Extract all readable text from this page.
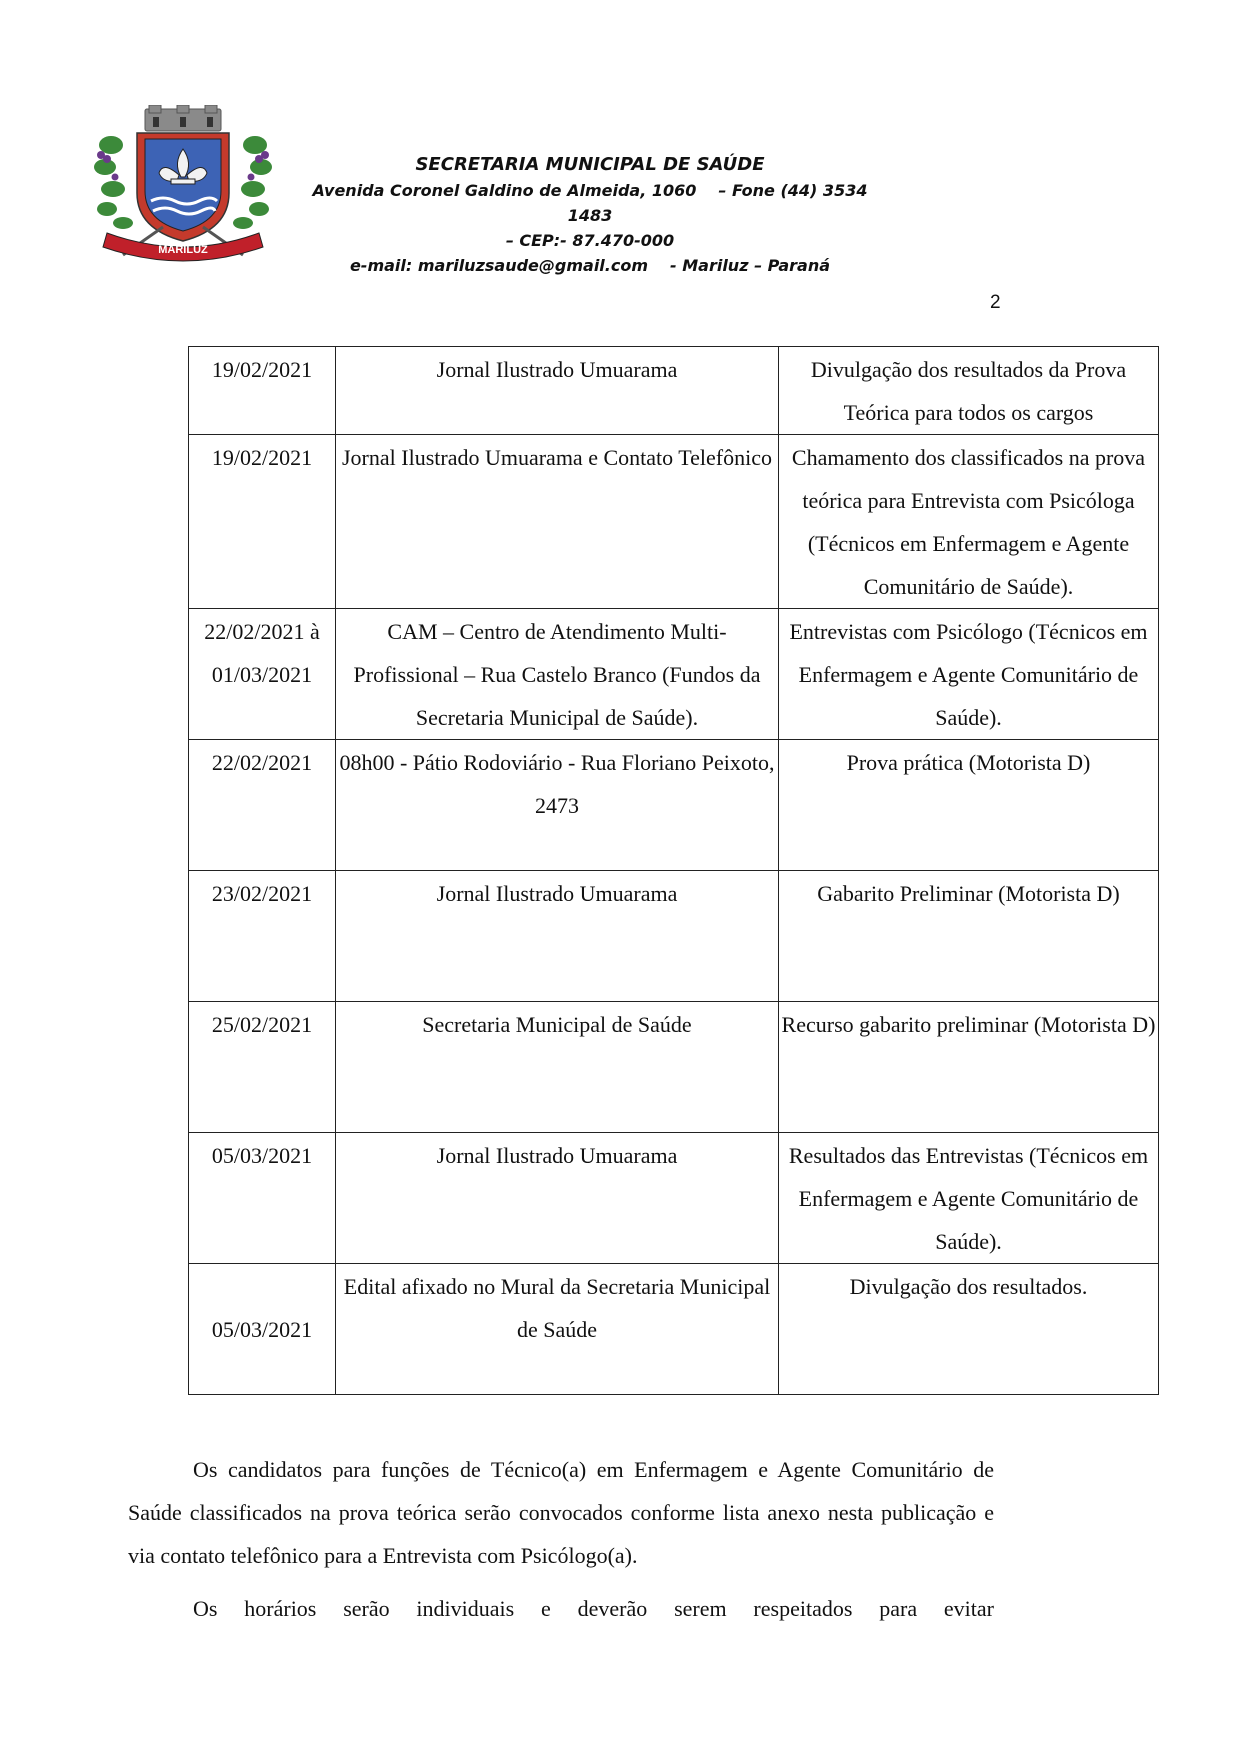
MARILUZ
SECRETARIA MUNICIPAL DE SAÚDE
Avenida Coronel Galdino de Almeida, 1060 – Fone (44) 3534 1483
– CEP:- 87.470-000
e-mail: mariluzsaude@gmail.com - Mariluz – Paraná
2
19/02/2021	Jornal Ilustrado Umuarama	Divulgação dos resultados da Prova Teórica para todos os cargos
19/02/2021	Jornal Ilustrado Umuarama e Contato Telefônico	Chamamento dos classificados na prova teórica para Entrevista com Psicóloga (Técnicos em Enfermagem e Agente Comunitário de Saúde).
22/02/2021 à 01/03/2021	CAM – Centro de Atendimento Multi-Profissional – Rua Castelo Branco (Fundos da Secretaria Municipal de Saúde).	Entrevistas com Psicólogo (Técnicos em Enfermagem e Agente Comunitário de Saúde).
22/02/2021	08h00 - Pátio Rodoviário - Rua Floriano Peixoto, 2473	Prova prática (Motorista D)
23/02/2021	Jornal Ilustrado Umuarama	Gabarito Preliminar (Motorista D)
25/02/2021	Secretaria Municipal de Saúde	Recurso gabarito preliminar (Motorista D)
05/03/2021	Jornal Ilustrado Umuarama	Resultados das Entrevistas (Técnicos em Enfermagem e Agente Comunitário de Saúde).
05/03/2021	Edital afixado no Mural da Secretaria Municipal de Saúde	Divulgação dos resultados.

Os candidatos para funções de Técnico(a) em Enfermagem e Agente Comunitário de Saúde classificados na prova teórica serão convocados conforme lista anexo nesta publicação e via contato telefônico para a Entrevista com Psicólogo(a).

Os horários serão individuais e deverão serem respeitados para evitar
